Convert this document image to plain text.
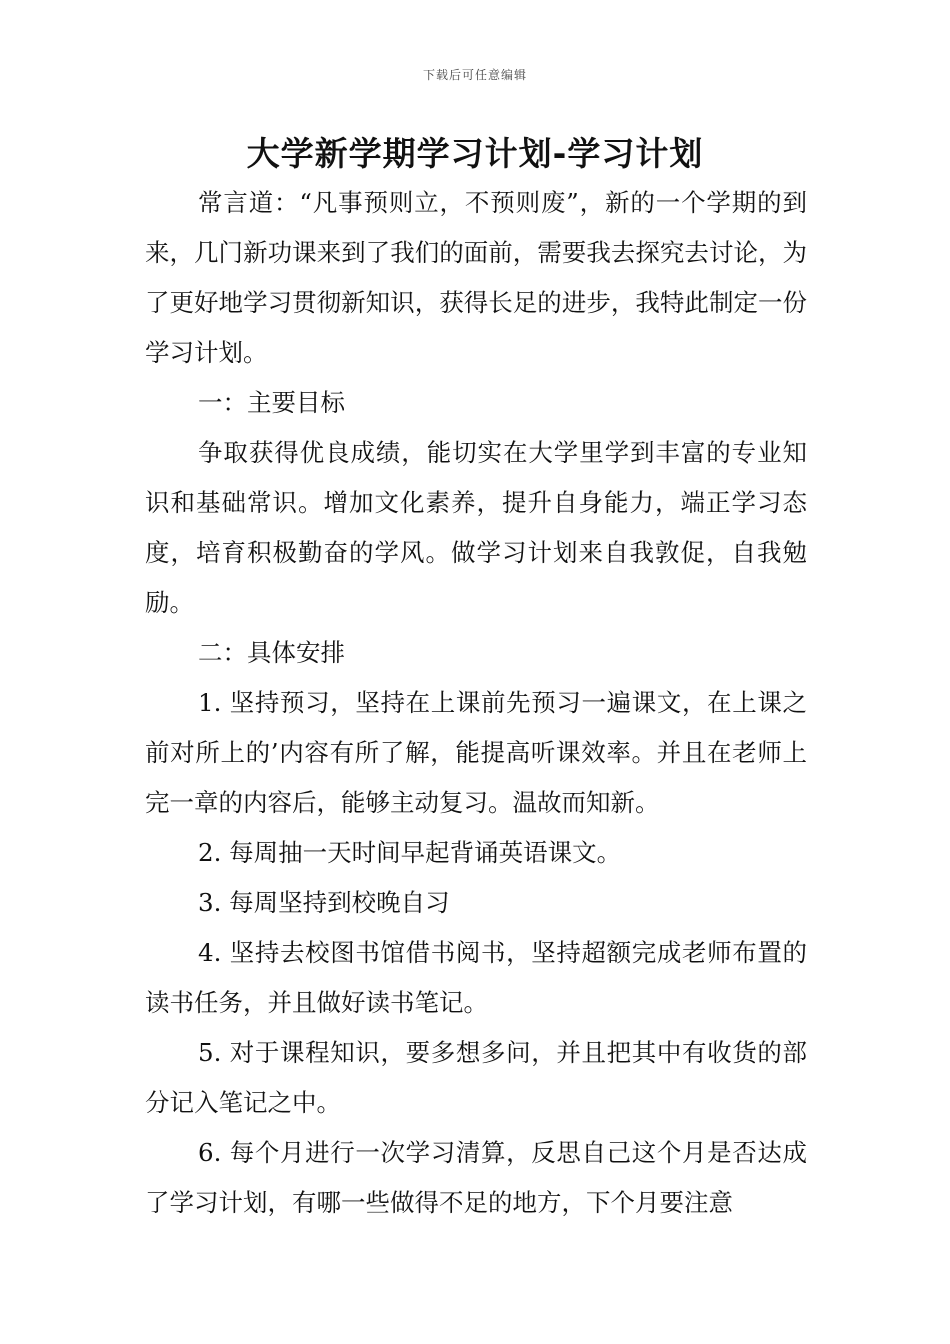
下载后可任意编辑
大学新学期学习计划-学习计划

常言道：“凡事预则立，不预则废”，新的一个学期的到来，几门新功课来到了我们的面前，需要我去探究去讨论，为了更好地学习贯彻新知识，获得长足的进步，我特此制定一份学习计划。

一：主要目标

争取获得优良成绩，能切实在大学里学到丰富的专业知识和基础常识。增加文化素养，提升自身能力，端正学习态度，培育积极勤奋的学风。做学习计划来自我敦促，自我勉励。

二：具体安排

1. 坚持预习，坚持在上课前先预习一遍课文，在上课之前对所上的’内容有所了解，能提高听课效率。并且在老师上完一章的内容后，能够主动复习。温故而知新。

2. 每周抽一天时间早起背诵英语课文。

3. 每周坚持到校晚自习

4. 坚持去校图书馆借书阅书，坚持超额完成老师布置的读书任务，并且做好读书笔记。

5. 对于课程知识，要多想多问，并且把其中有收货的部分记入笔记之中。

6. 每个月进行一次学习清算，反思自己这个月是否达成了学习计划，有哪一些做得不足的地方，下个月要注意
